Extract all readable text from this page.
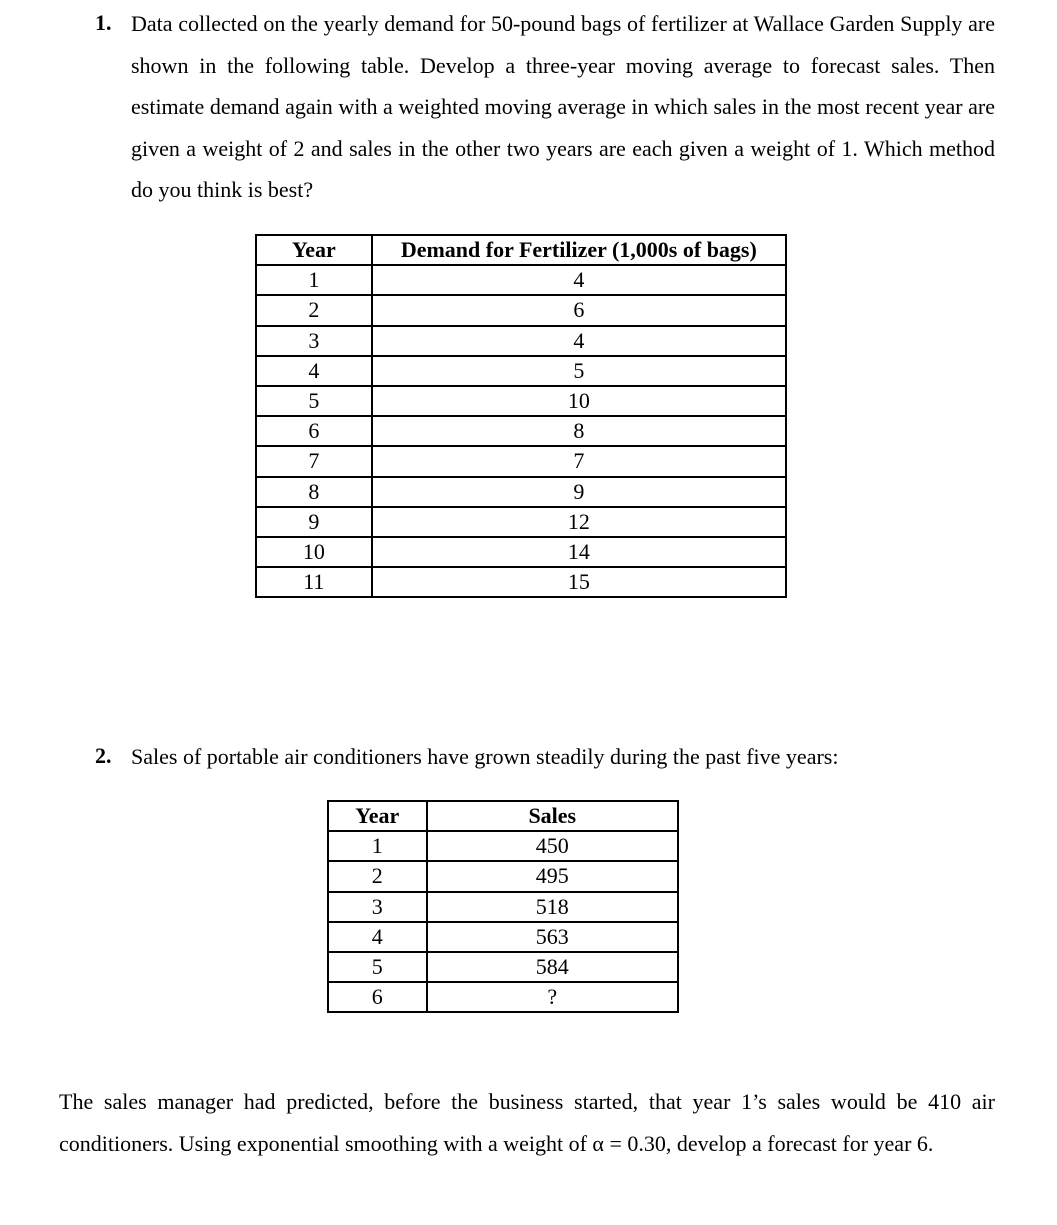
1. Data collected on the yearly demand for 50-pound bags of fertilizer at Wallace Garden Supply are shown in the following table. Develop a three-year moving average to forecast sales. Then estimate demand again with a weighted moving average in which sales in the most recent year are given a weight of 2 and sales in the other two years are each given a weight of 1. Which method do you think is best?

Year	Demand for Fertilizer (1,000s of bags)
1	4
2	6
3	4
4	5
5	10
6	8
7	7
8	9
9	12
10	14
11	15
2. Sales of portable air conditioners have grown steadily during the past five years:

Year	Sales
1	450
2	495
3	518
4	563
5	584
6	?

The sales manager had predicted, before the business started, that year 1’s sales would be 410 air conditioners. Using exponential smoothing with a weight of α = 0.30, develop a forecast for year 6.
